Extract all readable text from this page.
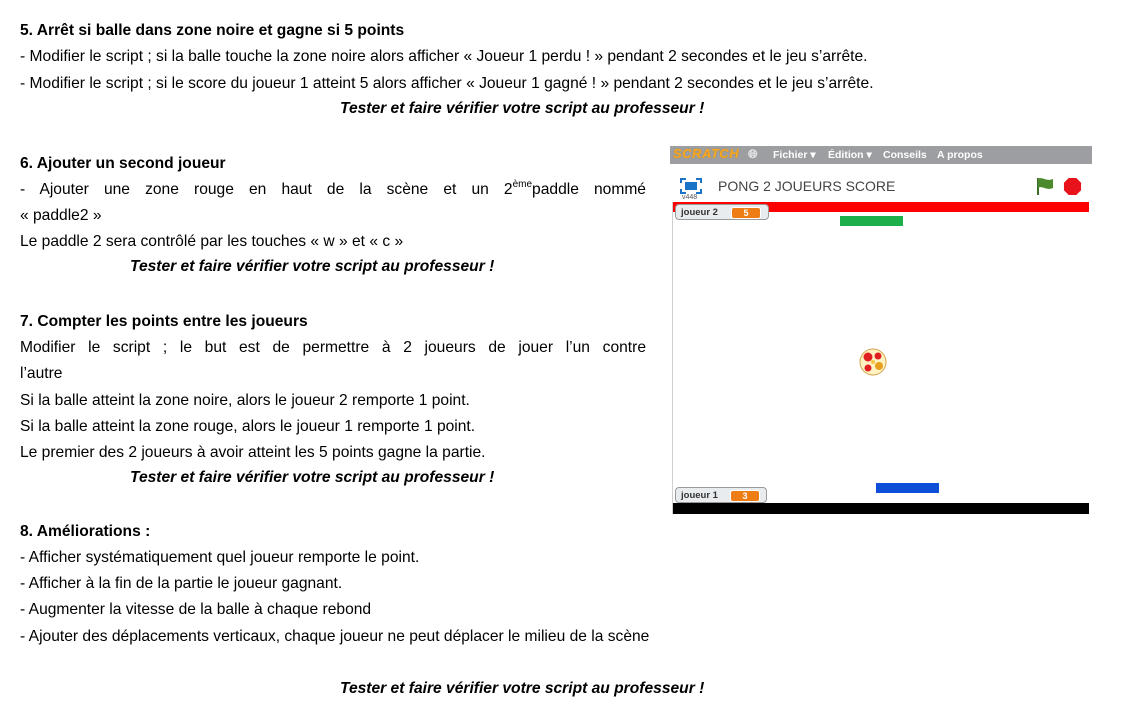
5. Arrêt si balle dans zone noire et gagne si 5 points
- Modifier le script ; si la balle touche la zone noire alors afficher « Joueur 1 perdu ! » pendant 2 secondes et le jeu s’arrête.
- Modifier le script ; si le score du joueur 1 atteint 5 alors afficher « Joueur 1 gagné ! » pendant 2 secondes et le jeu s’arrête.
Tester et faire vérifier votre script au professeur !
6. Ajouter un second joueur
- Ajouter une zone rouge en haut de la scène et un 2èmepaddle nommé
« paddle2 »
Le paddle 2 sera contrôlé par les touches « w » et « c »
Tester et faire vérifier votre script au professeur !
7. Compter les points entre les joueurs
Modifier le script ; le but est de permettre à 2 joueurs de jouer l’un contre
l’autre
Si la balle atteint la zone noire, alors le joueur 2 remporte 1 point.
Si la balle atteint la zone rouge, alors le joueur 1 remporte 1 point.
Le premier des 2 joueurs à avoir atteint les 5 points gagne la partie.
Tester et faire vérifier votre script au professeur !
8. Améliorations :
- Afficher systématiquement quel joueur remporte le point.
- Afficher à la fin de la partie le joueur gagnant.
- Augmenter la vitesse de la balle à chaque rebond
- Ajouter des déplacements verticaux, chaque joueur ne peut déplacer le milieu de la scène
Tester et faire vérifier votre script au professeur !
SCRATCH 🌐︎ Fichier ▾ Édition ▾ Conseils A propos
v448
PONG 2 JOUEURS SCORE
joueur 2	5
joueur 1	3
